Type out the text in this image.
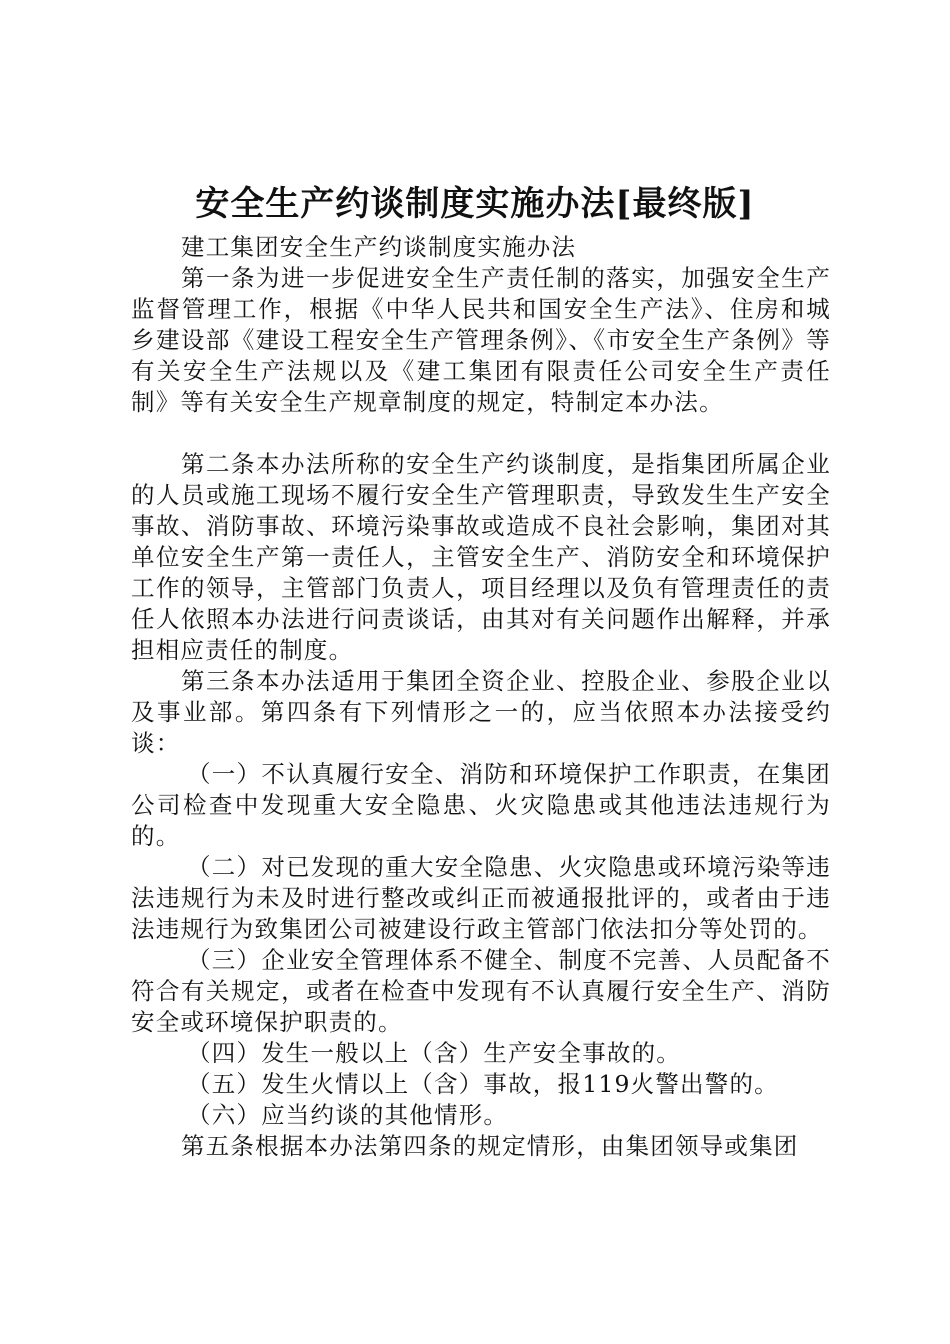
安全生产约谈制度实施办法[最终版]

建工集团安全生产约谈制度实施办法

第一条为进一步促进安全生产责任制的落实，加强安全生产监督管理工作，根据《中华人民共和国安全生产法》、住房和城乡建设部《建设工程安全生产管理条例》、《市安全生产条例》等有关安全生产法规以及《建工集团有限责任公司安全生产责任制》等有关安全生产规章制度的规定，特制定本办法。

第二条本办法所称的安全生产约谈制度，是指集团所属企业的人员或施工现场不履行安全生产管理职责，导致发生生产安全事故、消防事故、环境污染事故或造成不良社会影响，集团对其单位安全生产第一责任人，主管安全生产、消防安全和环境保护工作的领导，主管部门负责人，项目经理以及负有管理责任的责任人依照本办法进行问责谈话，由其对有关问题作出解释，并承担相应责任的制度。

第三条本办法适用于集团全资企业、控股企业、参股企业以及事业部。第四条有下列情形之一的，应当依照本办法接受约谈：

（一）不认真履行安全、消防和环境保护工作职责，在集团公司检查中发现重大安全隐患、火灾隐患或其他违法违规行为的。

（二）对已发现的重大安全隐患、火灾隐患或环境污染等违法违规行为未及时进行整改或纠正而被通报批评的，或者由于违法违规行为致集团公司被建设行政主管部门依法扣分等处罚的。

（三）企业安全管理体系不健全、制度不完善、人员配备不符合有关规定，或者在检查中发现有不认真履行安全生产、消防安全或环境保护职责的。

（四）发生一般以上（含）生产安全事故的。

（五）发生火情以上（含）事故，报119火警出警的。

（六）应当约谈的其他情形。

第五条根据本办法第四条的规定情形，由集团领导或集团
